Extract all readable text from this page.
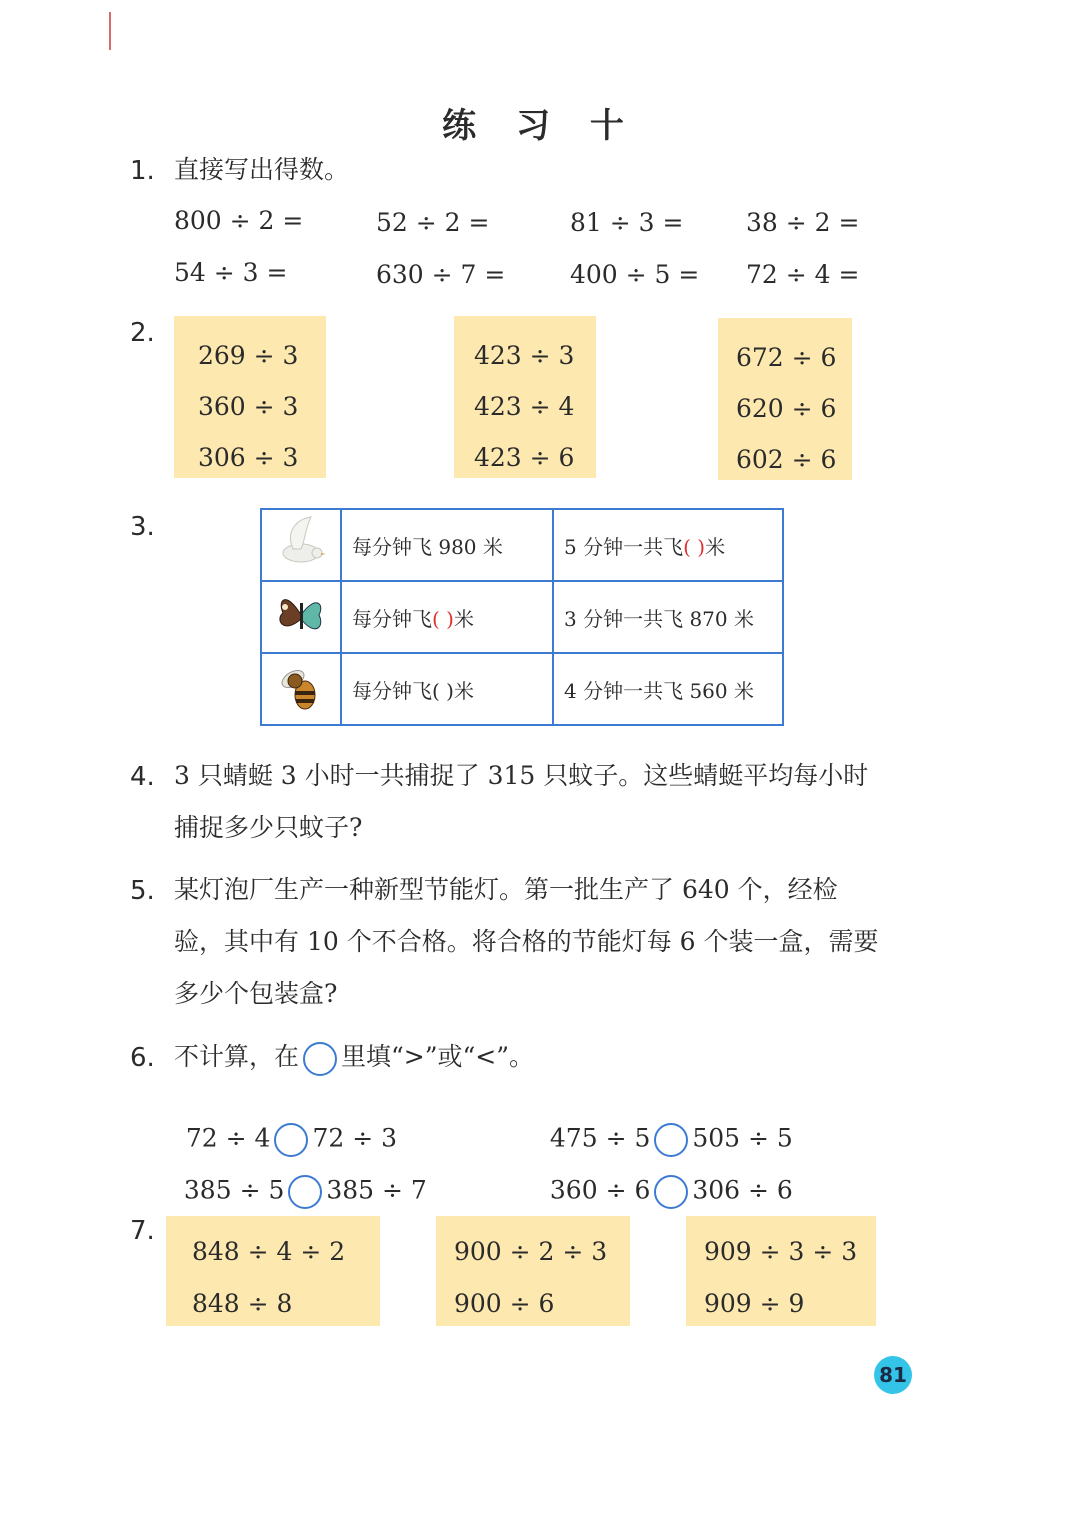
练 习 十
1. 直接写出得数。
800 ÷ 2 =	52 ÷ 2 =	81 ÷ 3 =	38 ÷ 2 =
54 ÷ 3 =	630 ÷ 7 =	400 ÷ 5 = 72 ÷ 4 =
2.
269 ÷ 3
360 ÷ 3
306 ÷ 3
423 ÷ 3
423 ÷ 4
423 ÷ 6
672 ÷ 6
620 ÷ 6
602 ÷ 6
3.
	每分钟飞 980 米	5 分钟一共飞( )米
	每分钟飞( )米	3 分钟一共飞 870 米
	每分钟飞( )米	4 分钟一共飞 560 米
4. 3 只蜻蜓 3 小时一共捕捉了 315 只蚊子。这些蜻蜓平均每小时捕捉多少只蚊子?
5. 某灯泡厂生产一种新型节能灯。第一批生产了 640 个，经检验，其中有 10 个不合格。将合格的节能灯每 6 个装一盒，需要多少个包装盒?
6. 不计算，在 里填“>”或“<”。

72 ÷ 4 72 ÷ 3	475 ÷ 5 505 ÷ 5

385 ÷ 5 385 ÷ 7	360 ÷ 6 306 ÷ 6

7.
848 ÷ 4 ÷ 2
848 ÷ 8
900 ÷ 2 ÷ 3
900 ÷ 6
909 ÷ 3 ÷ 3
909 ÷ 9
81
